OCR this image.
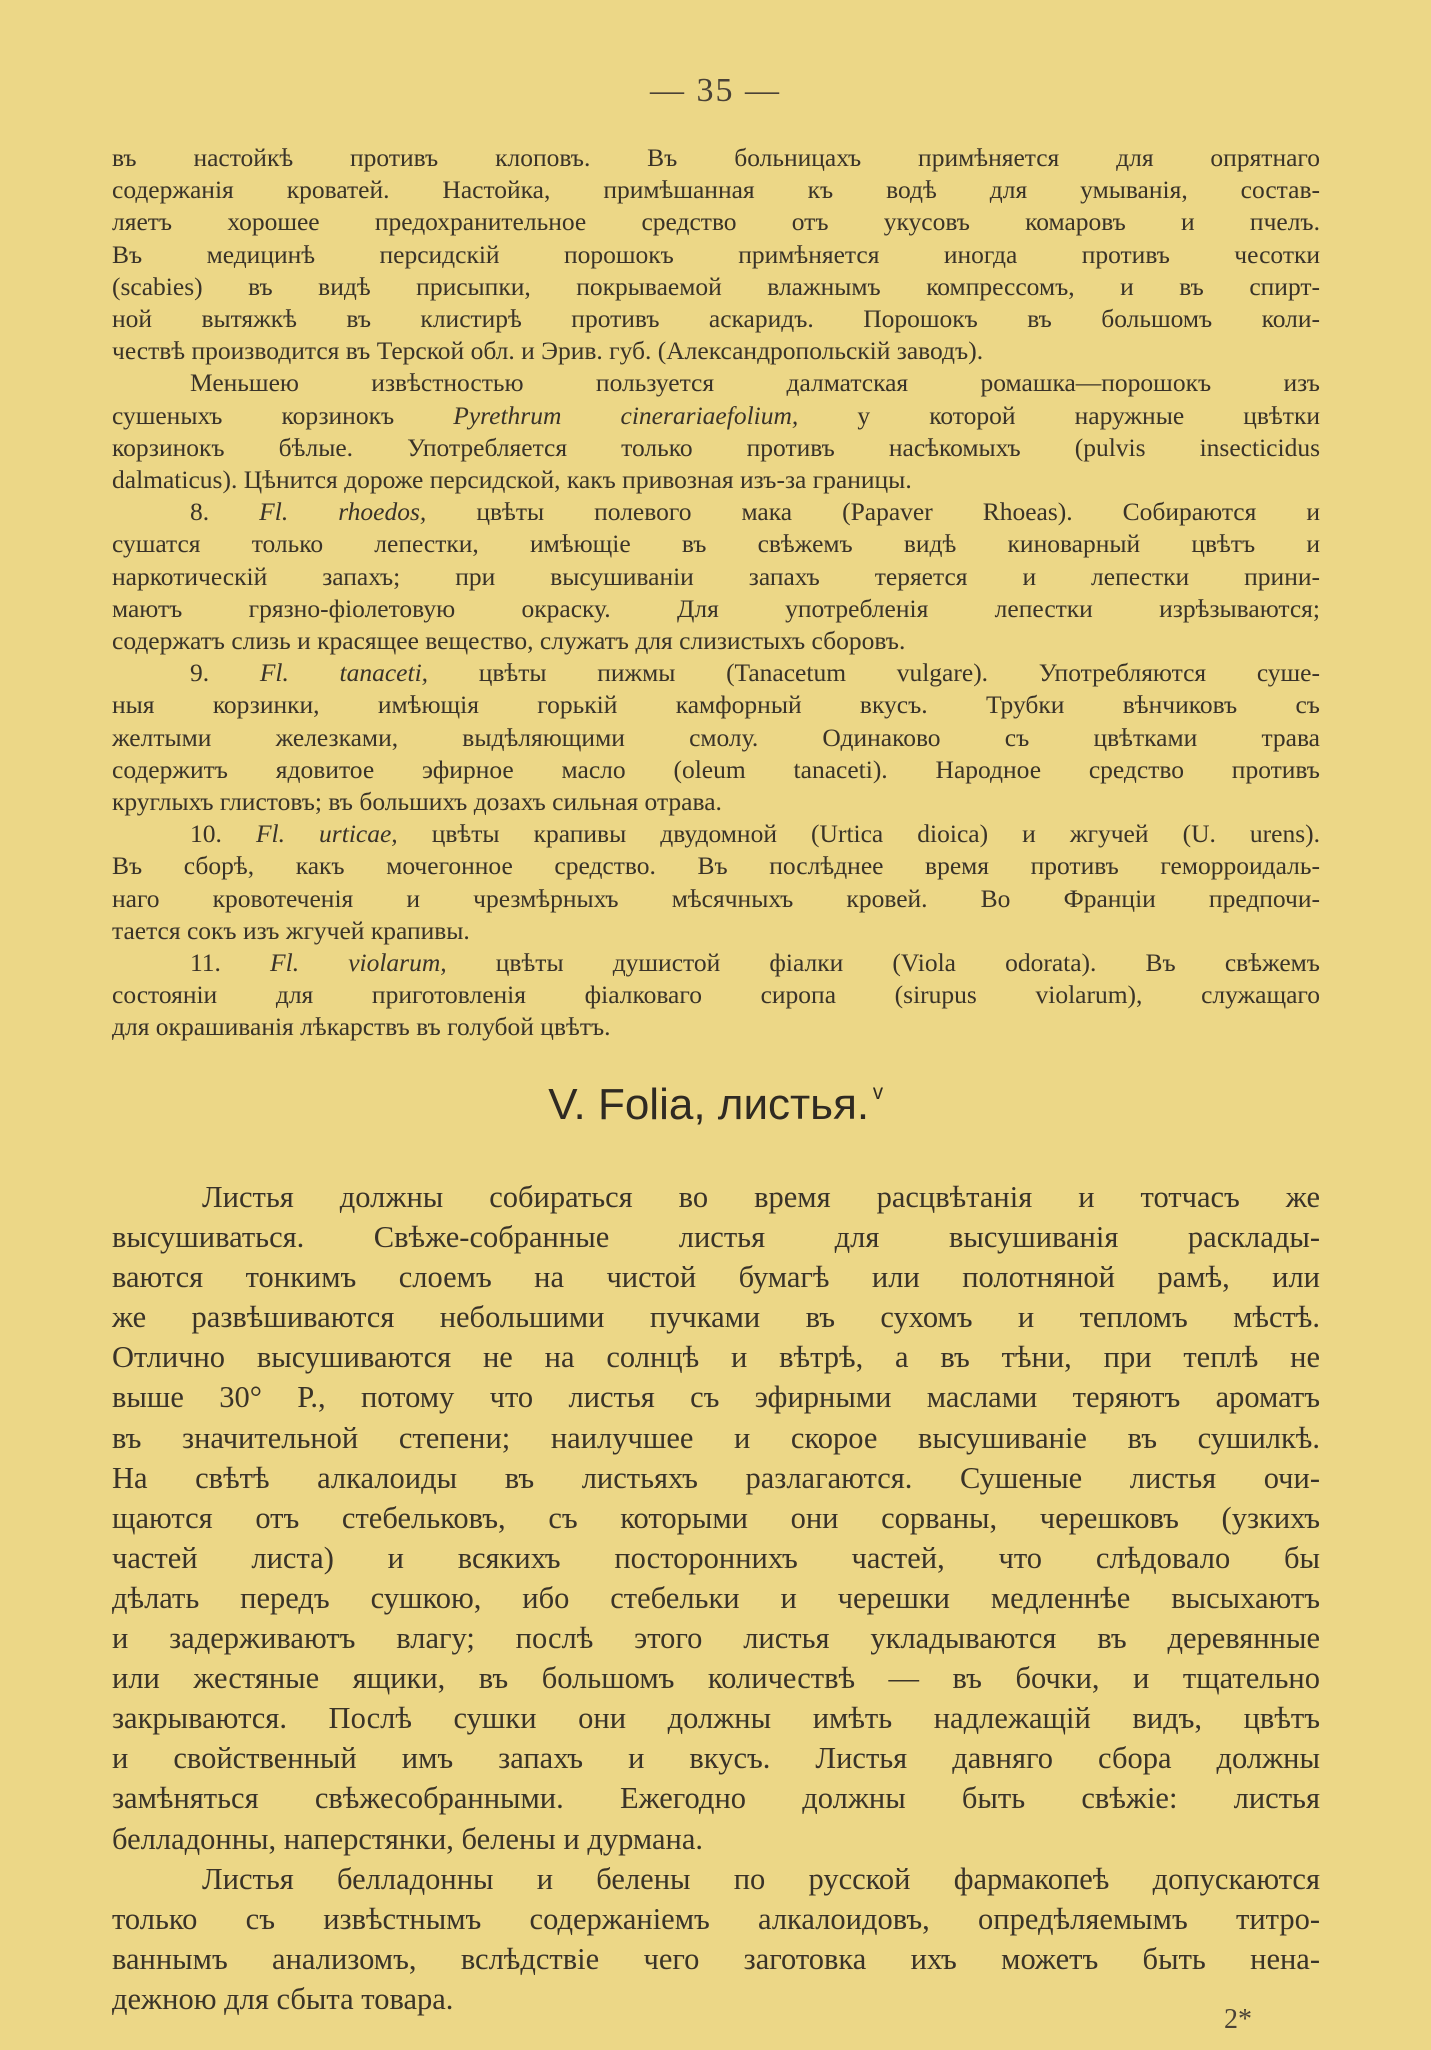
— 35 —

въ настойкѣ противъ клоповъ. Въ больницахъ примѣняется для опрятнаго

содержанія кроватей. Настойка, примѣшанная къ водѣ для умыванія, состав-

ляетъ хорошее предохранительное средство отъ укусовъ комаровъ и пчелъ.

Въ медицинѣ персидскій порошокъ примѣняется иногда противъ чесотки

(scabies) въ видѣ присыпки, покрываемой влажнымъ компрессомъ, и въ спирт-

ной вытяжкѣ въ клистирѣ противъ аскаридъ. Порошокъ въ большомъ коли-

чествѣ производится въ Терской обл. и Эрив. губ. (Александропольскій заводъ).

Меньшею извѣстностью пользуется далматская ромашка—порошокъ изъ

сушеныхъ корзинокъ Pyrethrum cinerariaefolium, у которой наружные цвѣтки

корзинокъ бѣлые. Употребляется только противъ насѣкомыхъ (pulvis insecticidus

dalmaticus). Цѣнится дороже персидской, какъ привозная изъ-за границы.

8. Fl. rhoedos, цвѣты полевого мака (Papaver Rhoeas). Собираются и

сушатся только лепестки, имѣющіе въ свѣжемъ видѣ киноварный цвѣтъ и

наркотическій запахъ; при высушиваніи запахъ теряется и лепестки прини-

маютъ грязно-фіолетовую окраску. Для употребленія лепестки изрѣзываются;

содержатъ слизь и красящее вещество, служатъ для слизистыхъ сборовъ.

9. Fl. tanaceti, цвѣты пижмы (Tanacetum vulgare). Употребляются суше-

ныя корзинки, имѣющія горькій камфорный вкусъ. Трубки вѣнчиковъ съ

желтыми железками, выдѣляющими смолу. Одинаково съ цвѣтками трава

содержитъ ядовитое эфирное масло (oleum tanaceti). Народное средство противъ

круглыхъ глистовъ; въ большихъ дозахъ сильная отрава.

10. Fl. urticae, цвѣты крапивы двудомной (Urtica dioica) и жгучей (U. urens).

Въ сборѣ, какъ мочегонное средство. Въ послѣднее время противъ геморроидаль-

наго кровотеченія и чрезмѣрныхъ мѣсячныхъ кровей. Во Франціи предпочи-

тается сокъ изъ жгучей крапивы.

11. Fl. violarum, цвѣты душистой фіалки (Viola odorata). Въ свѣжемъ

состояніи для приготовленія фіалковаго сиропа (sirupus violarum), служащаго

для окрашиванія лѣкарствъ въ голубой цвѣтъ.

V. Folia, листья. $^ᵛ$

Листья должны собираться во время расцвѣтанія и тотчасъ же

высушиваться. Свѣже-собранные листья для высушиванія расклады-

ваются тонкимъ слоемъ на чистой бумагѣ или полотняной рамѣ, или

же развѣшиваются небольшими пучками въ сухомъ и тепломъ мѣстѣ.

Отлично высушиваются не на солнцѣ и вѣтрѣ, а въ тѣни, при теплѣ не

выше 30° Р., потому что листья съ эфирными маслами теряютъ ароматъ

въ значительной степени; наилучшее и скорое высушиваніе въ сушилкѣ.

На свѣтѣ алкалоиды въ листьяхъ разлагаются. Сушеные листья очи-

щаются отъ стебельковъ, съ которыми они сорваны, черешковъ (узкихъ

частей листа) и всякихъ постороннихъ частей, что слѣдовало бы

дѣлать передъ сушкою, ибо стебельки и черешки медленнѣе высыхаютъ

и задерживаютъ влагу; послѣ этого листья укладываются въ деревянные

или жестяные ящики, въ большомъ количествѣ — въ бочки, и тщательно

закрываются. Послѣ сушки они должны имѣть надлежащій видъ, цвѣтъ

и свойственный имъ запахъ и вкусъ. Листья давняго сбора должны

замѣняться свѣжесобранными. Ежегодно должны быть свѣжіе: листья

белладонны, наперстянки, белены и дурмана.

Листья белладонны и белены по русской фармакопеѣ допускаются

только съ извѣстнымъ содержаніемъ алкалоидовъ, опредѣляемымъ титро-

ваннымъ анализомъ, вслѣдствіе чего заготовка ихъ можетъ быть нена-

дежною для сбыта товара.

2*
